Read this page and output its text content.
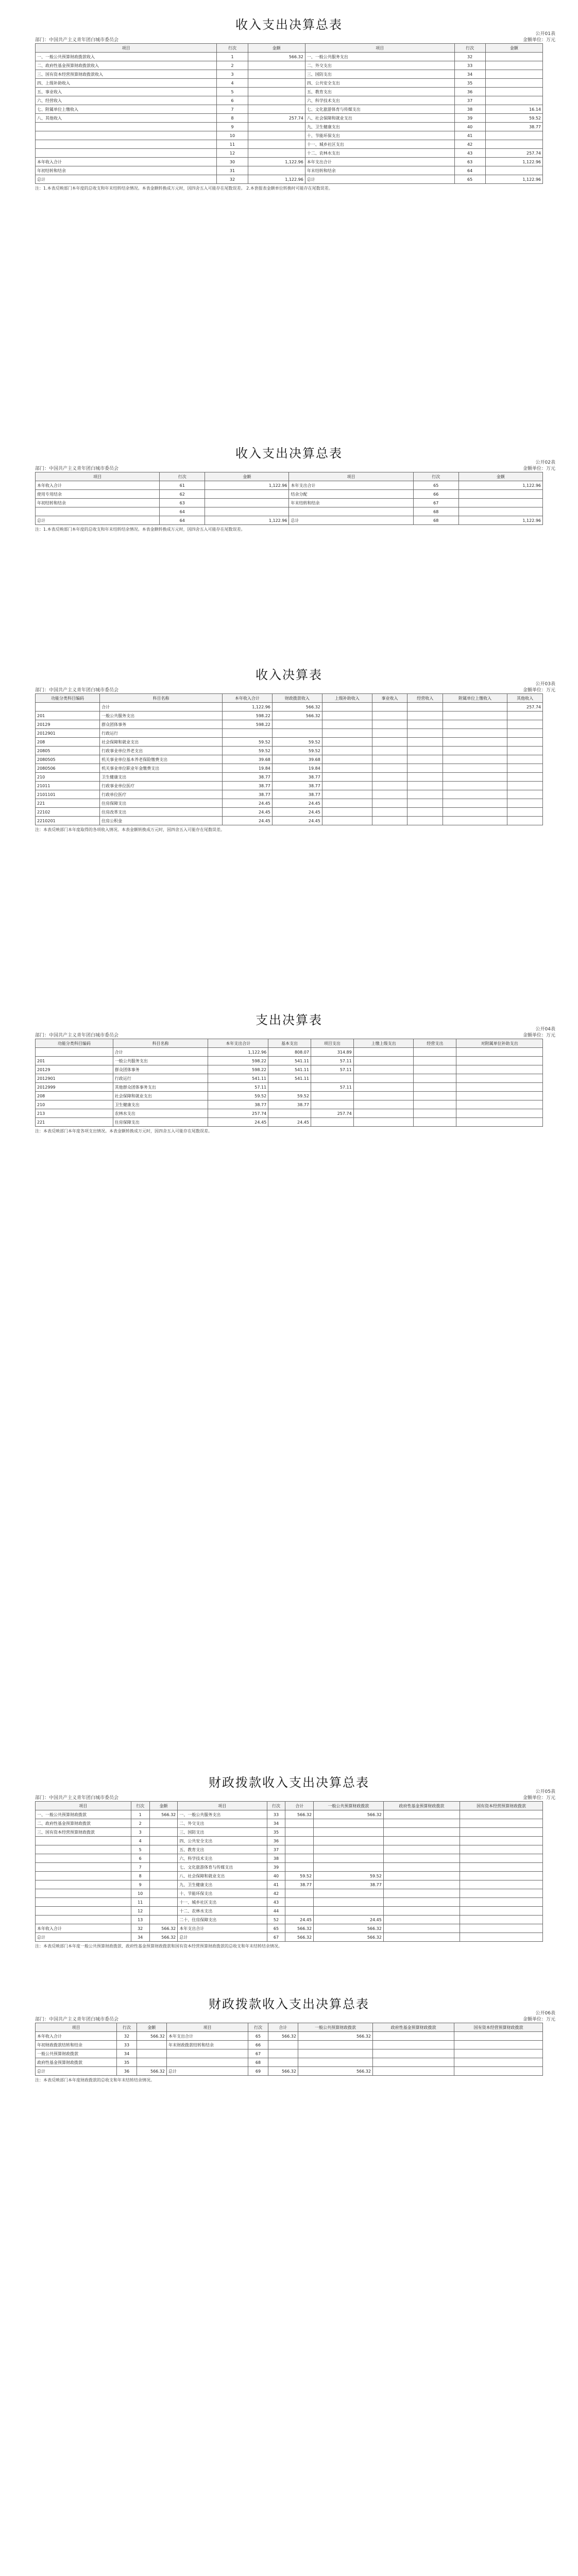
收入支出决算总表
公开01表
金额单位：万元
部门：中国共产主义青年团白城市委员会
项目	行次	金额	项目	行次	金额
一、一般公共预算财政拨款收入	1	566.32	一、一般公共服务支出	32	
二、政府性基金预算财政拨款收入	2		二、外交支出	33	
三、国有资本经营预算财政拨款收入	3		三、国防支出	34	
四、上级补助收入	4		四、公共安全支出	35	
五、事业收入	5		五、教育支出	36	
六、经营收入	6		六、科学技术支出	37	
七、附属单位上缴收入	7		七、文化旅游体育与传媒支出	38	16.14
八、其他收入	8	257.74	八、社会保障和就业支出	39	59.52
	9		九、卫生健康支出	40	38.77
	10		十、节能环保支出	41	
	11		十一、城乡社区支出	42	
	12		十二、农林水支出	43	257.74
本年收入合计	30	1,122.96	本年支出合计	63	1,122.96
年初结转和结余	31		年末结转和结余	64	
总计	32	1,122.96	总计	65	1,122.96
注：1.本表反映部门本年度的总收支和年末结转结余情况。本表金额转换成万元时，因四舍五入可能存在尾数误差。 2.本套报表金额单位转换时可能存在尾数误差。
收入支出决算总表
公开02表
金额单位：万元
部门：中国共产主义青年团白城市委员会
项目	行次	金额	项目	行次	金额
本年收入合计	61	1,122.96	本年支出合计	65	1,122.96
使用专用结余	62		结余分配	66	
年初结转和结余	63		年末结转和结余	67	
	64			68	
总计	64	1,122.96	总计	68	1,122.96
注：1.本表反映部门本年度的总收支和年末结转结余情况。本表金额转换成万元时，因四舍五入可能存在尾数误差。
收入决算表
公开03表
金额单位：万元
部门：中国共产主义青年团白城市委员会
功能分类科目编码	科目名称	本年收入合计	财政拨款收入	上级补助收入	事业收入	经营收入	附属单位上缴收入	其他收入
	合计	1,122.96	566.32					257.74
201	一般公共服务支出	598.22	566.32					
20129	群众团体事务	598.22						
2012901	行政运行							
208	社会保障和就业支出	59.52	59.52					
20805	行政事业单位养老支出	59.52	59.52					
2080505	机关事业单位基本养老保险缴费支出	39.68	39.68					
2080506	机关事业单位职业年金缴费支出	19.84	19.84					
210	卫生健康支出	38.77	38.77					
21011	行政事业单位医疗	38.77	38.77					
2101101	行政单位医疗	38.77	38.77					
221	住房保障支出	24.45	24.45					
22102	住房改革支出	24.45	24.45					
2210201	住房公积金	24.45	24.45					
注：本表反映部门本年度取得的各项收入情况。本表金额转换成万元时，因四舍五入可能存在尾数误差。
支出决算表
公开04表
金额单位：万元
部门：中国共产主义青年团白城市委员会
功能分类科目编码	科目名称	本年支出合计	基本支出	项目支出	上缴上级支出	经营支出	对附属单位补助支出
	合计	1,122.96	808.07	314.89			
201	一般公共服务支出	598.22	541.11	57.11			
20129	群众团体事务	598.22	541.11	57.11			
2012901	行政运行	541.11	541.11				
2012999	其他群众团体事务支出	57.11		57.11			
208	社会保障和就业支出	59.52	59.52				
210	卫生健康支出	38.77	38.77				
213	农林水支出	257.74		257.74			
221	住房保障支出	24.45	24.45				
注：本表反映部门本年度各项支出情况。本表金额转换成万元时，因四舍五入可能存在尾数误差。
财政拨款收入支出决算总表
公开05表
金额单位：万元
部门：中国共产主义青年团白城市委员会
项目	行次	金额	项目	行次	合计	一般公共预算财政拨款	政府性基金预算财政拨款	国有资本经营预算财政拨款
一、一般公共预算财政拨款	1	566.32	一、一般公共服务支出	33	566.32	566.32		
二、政府性基金预算财政拨款	2		二、外交支出	34				
三、国有资本经营预算财政拨款	3		三、国防支出	35				
	4		四、公共安全支出	36				
	5		五、教育支出	37				
	6		六、科学技术支出	38				
	7		七、文化旅游体育与传媒支出	39				
	8		八、社会保障和就业支出	40	59.52	59.52		
	9		九、卫生健康支出	41	38.77	38.77		
	10		十、节能环保支出	42				
	11		十一、城乡社区支出	43				
	12		十二、农林水支出	44				
	13		二十、住房保障支出	52	24.45	24.45		
本年收入合计	32	566.32	本年支出合计	65	566.32	566.32		
总计	34	566.32	总计	67	566.32	566.32		
注：本表反映部门本年度一般公共预算财政拨款、政府性基金预算财政拨款和国有资本经营预算财政拨款的总收支和年末结转结余情况。
财政拨款收入支出决算总表
公开06表
金额单位：万元
部门：中国共产主义青年团白城市委员会
项目	行次	金额	项目	行次	合计	一般公共预算财政拨款	政府性基金预算财政拨款	国有资本经营预算财政拨款
本年收入合计	32	566.32	本年支出合计	65	566.32	566.32		
年初财政拨款结转和结余	33		年末财政拨款结转和结余	66				
一般公共预算财政拨款	34			67				
政府性基金预算财政拨款	35			68				
总计	36	566.32	总计	69	566.32	566.32		
注：本表反映部门本年度财政拨款的总收支和年末结转结余情况。
